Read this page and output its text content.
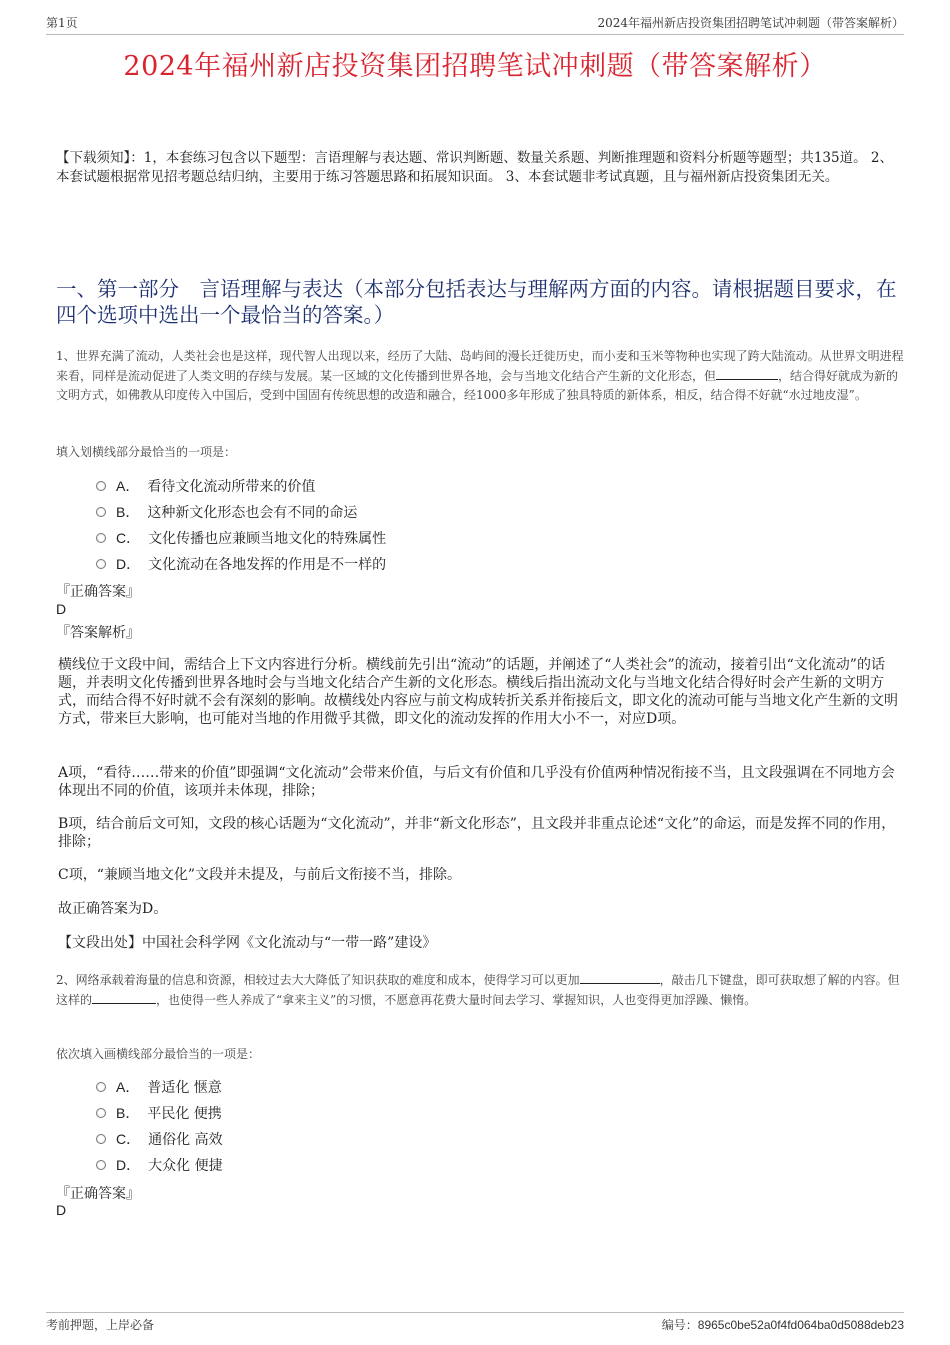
第1页	2024年福州新店投资集团招聘笔试冲刺题（带答案解析）
2024年福州新店投资集团招聘笔试冲刺题（带答案解析）
【下载须知】：1，本套练习包含以下题型：言语理解与表达题、常识判断题、数量关系题、判断推理题和资料分析题等题型；共135道。 2、本套试题根据常见招考题总结归纳，主要用于练习答题思路和拓展知识面。 3、本套试题非考试真题，且与福州新店投资集团无关。
一、第一部分　言语理解与表达（本部分包括表达与理解两方面的内容。请根据题目要求，在四个选项中选出一个最恰当的答案。）
1、世界充满了流动，人类社会也是这样，现代智人出现以来，经历了大陆、岛屿间的漫长迁徙历史，而小麦和玉米等物种也实现了跨大陆流动。从世界文明进程来看，同样是流动促进了人类文明的存续与发展。某一区域的文化传播到世界各地，会与当地文化结合产生新的文化形态，但	，结合得好就成为新的文明方式，如佛教从印度传入中国后，受到中国固有传统思想的改造和融合，经1000多年形成了独具特质的新体系，相反，结合得不好就“水过地皮湿”。
填入划横线部分最恰当的一项是：
A． 看待文化流动所带来的价值
B． 这种新文化形态也会有不同的命运
C． 文化传播也应兼顾当地文化的特殊属性
D． 文化流动在各地发挥的作用是不一样的
『正确答案』
D
『答案解析』
横线位于文段中间，需结合上下文内容进行分析。横线前先引出“流动”的话题，并阐述了“人类社会”的流动，接着引出“文化流动”的话题，并表明文化传播到世界各地时会与当地文化结合产生新的文化形态。横线后指出流动文化与当地文化结合得好时会产生新的文明方式，而结合得不好时就不会有深刻的影响。故横线处内容应与前文构成转折关系并衔接后文，即文化的流动可能与当地文化产生新的文明方式，带来巨大影响，也可能对当地的作用微乎其微，即文化的流动发挥的作用大小不一，对应D项。
A项，“看待……带来的价值”即强调“文化流动”会带来价值，与后文有价值和几乎没有价值两种情况衔接不当，且文段强调在不同地方会体现出不同的价值，该项并未体现，排除；
B项，结合前后文可知，文段的核心话题为“文化流动”，并非“新文化形态”，且文段并非重点论述“文化”的命运，而是发挥不同的作用，排除；
C项，“兼顾当地文化”文段并未提及，与前后文衔接不当，排除。
故正确答案为D。
【文段出处】中国社会科学网《文化流动与“一带一路”建设》
2、网络承载着海量的信息和资源，相较过去大大降低了知识获取的难度和成本，使得学习可以更加	，敲击几下键盘，即可获取想了解的内容。但这样的	，也使得一些人养成了“拿来主义”的习惯，不愿意再花费大量时间去学习、掌握知识，人也变得更加浮躁、懒惰。
依次填入画横线部分最恰当的一项是：
A． 普适化 惬意
B． 平民化 便携
C． 通俗化 高效
D． 大众化 便捷
『正确答案』
D
考前押题，上岸必备	编号：8965c0be52a0f4fd064ba0d5088deb23
